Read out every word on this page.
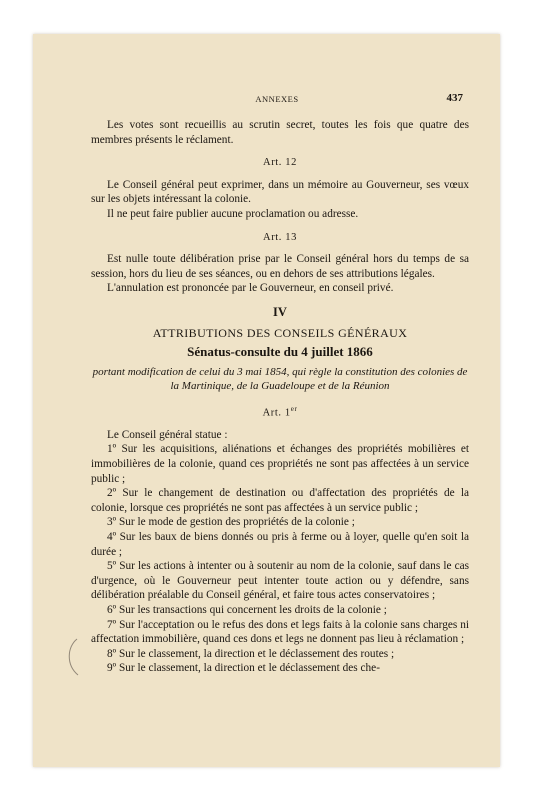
ANNEXES	437

Les votes sont recueillis au scrutin secret, toutes les fois que quatre des membres présents le réclament.

Art. 12

Le Conseil général peut exprimer, dans un mémoire au Gouverneur, ses vœux sur les objets intéressant la colonie.

Il ne peut faire publier aucune proclamation ou adresse.

Art. 13

Est nulle toute délibération prise par le Conseil général hors du temps de sa session, hors du lieu de ses séances, ou en dehors de ses attributions légales.

L'annulation est prononcée par le Gouverneur, en conseil privé.

IV

ATTRIBUTIONS DES CONSEILS GÉNÉRAUX

Sénatus-consulte du 4 juillet 1866

portant modification de celui du 3 mai 1854, qui règle la constitution des colonies de la Martinique, de la Guadeloupe et de la Réunion

Art. 1er

Le Conseil général statue :

1º Sur les acquisitions, aliénations et échanges des propriétés mobilières et immobilières de la colonie, quand ces propriétés ne sont pas affectées à un service public ;

2º Sur le changement de destination ou d'affectation des propriétés de la colonie, lorsque ces propriétés ne sont pas affectées à un service public ;

3º Sur le mode de gestion des propriétés de la colonie ;

4º Sur les baux de biens donnés ou pris à ferme ou à loyer, quelle qu'en soit la durée ;

5º Sur les actions à intenter ou à soutenir au nom de la colonie, sauf dans le cas d'urgence, où le Gouverneur peut intenter toute action ou y défendre, sans délibération préalable du Conseil général, et faire tous actes conservatoires ;

6º Sur les transactions qui concernent les droits de la colonie ;

7º Sur l'acceptation ou le refus des dons et legs faits à la colonie sans charges ni affectation immobilière, quand ces dons et legs ne donnent pas lieu à réclamation ;

8º Sur le classement, la direction et le déclassement des routes ;

9º Sur le classement, la direction et le déclassement des che-
